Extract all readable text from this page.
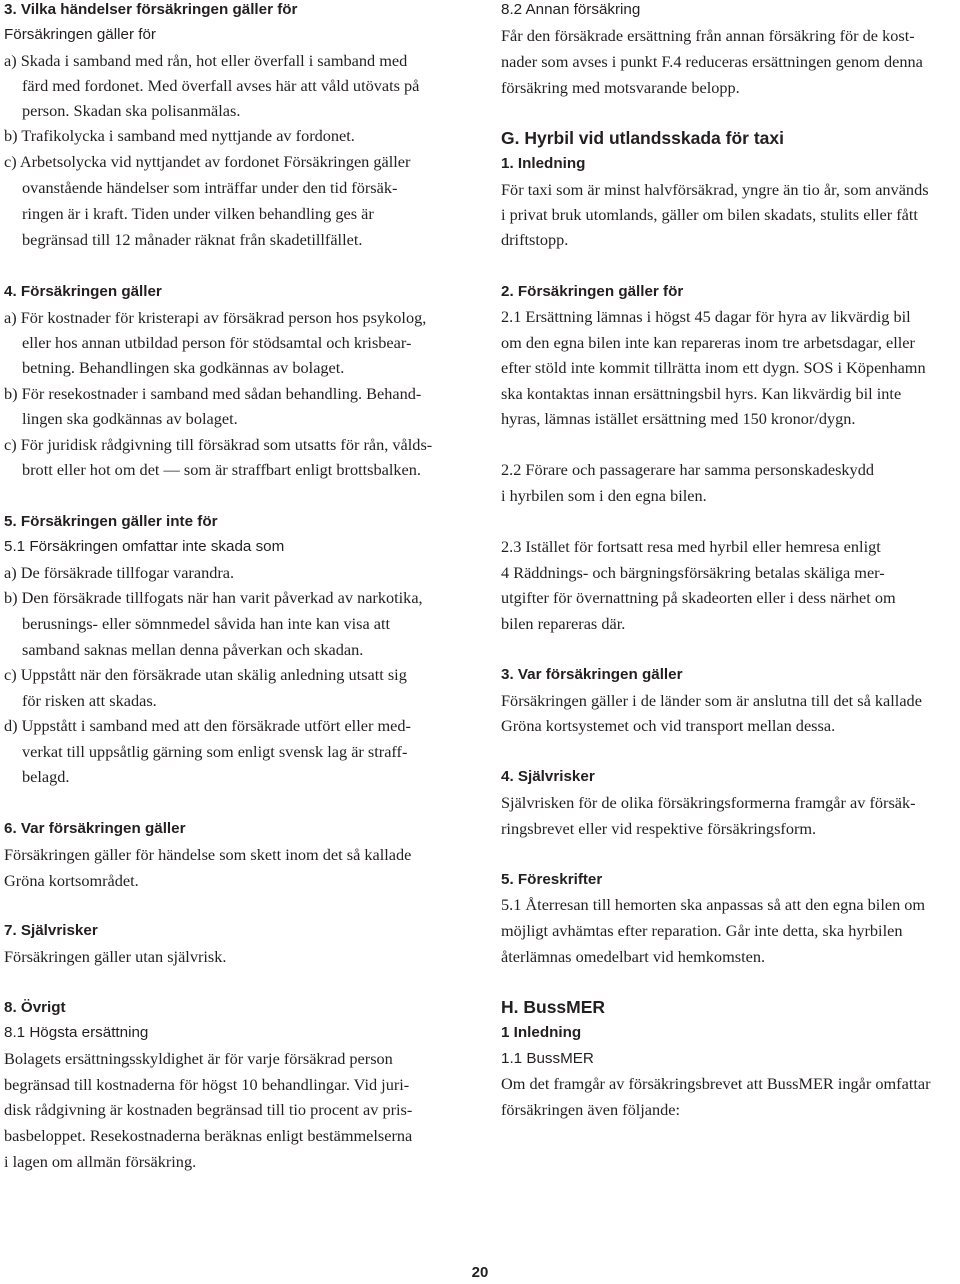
3. Vilka händelser försäkringen gäller för
Försäkringen gäller för
a) Skada i samband med rån, hot eller överfall i samband med
färd med fordonet. Med överfall avses här att våld utövats på
person. Skadan ska polisanmälas.
b) Trafikolycka i samband med nyttjande av fordonet.
c) Arbetsolycka vid nyttjandet av fordonet Försäkringen gäller
ovanstående händelser som inträffar under den tid försäk-
ringen är i kraft. Tiden under vilken behandling ges är
begränsad till 12 månader räknat från skadetillfället.
4. Försäkringen gäller
a) För kostnader för kristerapi av försäkrad person hos psykolog,
eller hos annan utbildad person för stödsamtal och krisbear-
betning. Behandlingen ska godkännas av bolaget.
b) För resekostnader i samband med sådan behandling. Behand-
lingen ska godkännas av bolaget.
c) För juridisk rådgivning till försäkrad som utsatts för rån, vålds-
brott eller hot om det — som är straffbart enligt brottsbalken.
5. Försäkringen gäller inte för
5.1 Försäkringen omfattar inte skada som
a) De försäkrade tillfogar varandra.
b) Den försäkrade tillfogats när han varit påverkad av narkotika,
berusnings- eller sömnmedel såvida han inte kan visa att
samband saknas mellan denna påverkan och skadan.
c) Uppstått när den försäkrade utan skälig anledning utsatt sig
för risken att skadas.
d) Uppstått i samband med att den försäkrade utfört eller med-
verkat till uppsåtlig gärning som enligt svensk lag är straff-
belagd.
6. Var försäkringen gäller
Försäkringen gäller för händelse som skett inom det så kallade
Gröna kortsområdet.
7. Självrisker
Försäkringen gäller utan självrisk.
8. Övrigt
8.1 Högsta ersättning
Bolagets ersättningsskyldighet är för varje försäkrad person
begränsad till kostnaderna för högst 10 behandlingar. Vid juri-
disk rådgivning är kostnaden begränsad till tio procent av pris-
basbeloppet. Resekostnaderna beräknas enligt bestämmelserna
i lagen om allmän försäkring.
8.2 Annan försäkring
Får den försäkrade ersättning från annan försäkring för de kost-
nader som avses i punkt F.4 reduceras ersättningen genom denna
försäkring med motsvarande belopp.
G. Hyrbil vid utlandsskada för taxi
1. Inledning
För taxi som är minst halvförsäkrad, yngre än tio år, som används
i privat bruk utomlands, gäller om bilen skadats, stulits eller fått
driftstopp.
2. Försäkringen gäller för
2.1 Ersättning lämnas i högst 45 dagar för hyra av likvärdig bil
om den egna bilen inte kan repareras inom tre arbetsdagar, eller
efter stöld inte kommit tillrätta inom ett dygn. SOS i Köpenhamn
ska kontaktas innan ersättningsbil hyrs. Kan likvärdig bil inte
hyras, lämnas istället ersättning med 150 kronor/dygn.
2.2 Förare och passagerare har samma personskadeskydd
i hyrbilen som i den egna bilen.
2.3 Istället för fortsatt resa med hyrbil eller hemresa enligt
4 Räddnings- och bärgningsförsäkring betalas skäliga mer-
utgifter för övernattning på skadeorten eller i dess närhet om
bilen repareras där.
3. Var försäkringen gäller
Försäkringen gäller i de länder som är anslutna till det så kallade
Gröna kortsystemet och vid transport mellan dessa.
4. Självrisker
Självrisken för de olika försäkringsformerna framgår av försäk-
ringsbrevet eller vid respektive försäkringsform.
5. Föreskrifter
5.1 Återresan till hemorten ska anpassas så att den egna bilen om
möjligt avhämtas efter reparation. Går inte detta, ska hyrbilen
återlämnas omedelbart vid hemkomsten.
H. BussMER
1 Inledning
1.1 BussMER
Om det framgår av försäkringsbrevet att BussMER ingår omfattar
försäkringen även följande:
20
